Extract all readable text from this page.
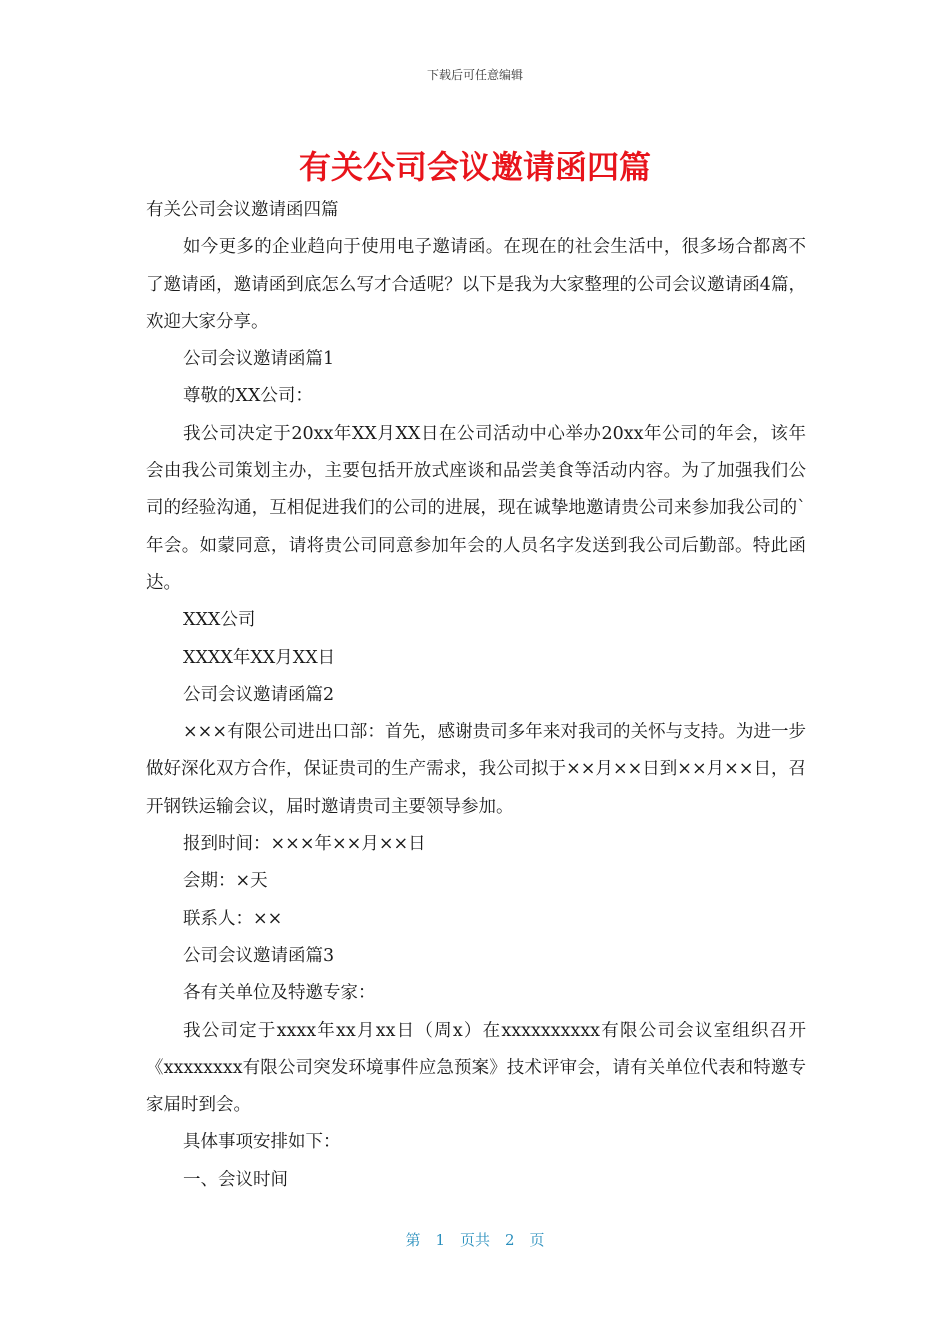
下载后可任意编辑
有关公司会议邀请函四篇

有关公司会议邀请函四篇

如今更多的企业趋向于使用电子邀请函。在现在的社会生活中，很多场合都离不了邀请函，邀请函到底怎么写才合适呢？以下是我为大家整理的公司会议邀请函4篇，欢迎大家分享。

公司会议邀请函篇1

尊敬的XX公司：

我公司决定于20xx年XX月XX日在公司活动中心举办20xx年公司的年会，该年会由我公司策划主办，主要包括开放式座谈和品尝美食等活动内容。为了加强我们公司的经验沟通，互相促进我们的公司的进展，现在诚挚地邀请贵公司来参加我公司的`年会。如蒙同意，请将贵公司同意参加年会的人员名字发送到我公司后勤部。特此函达。

XXX公司

XXXX年XX月XX日

公司会议邀请函篇2

×××有限公司进出口部：首先，感谢贵司多年来对我司的关怀与支持。为进一步做好深化双方合作，保证贵司的生产需求，我公司拟于××月××日到××月××日，召开钢铁运输会议，届时邀请贵司主要领导参加。

报到时间：×××年××月××日

会期：×天

联系人：××

公司会议邀请函篇3

各有关单位及特邀专家：

我公司定于xxxx年xx月xx日（周x）在xxxxxxxxxx有限公司会议室组织召开《xxxxxxxx有限公司突发环境事件应急预案》技术评审会，请有关单位代表和特邀专家届时到会。

具体事项安排如下：

一、会议时间

第　1　页共　2　页
